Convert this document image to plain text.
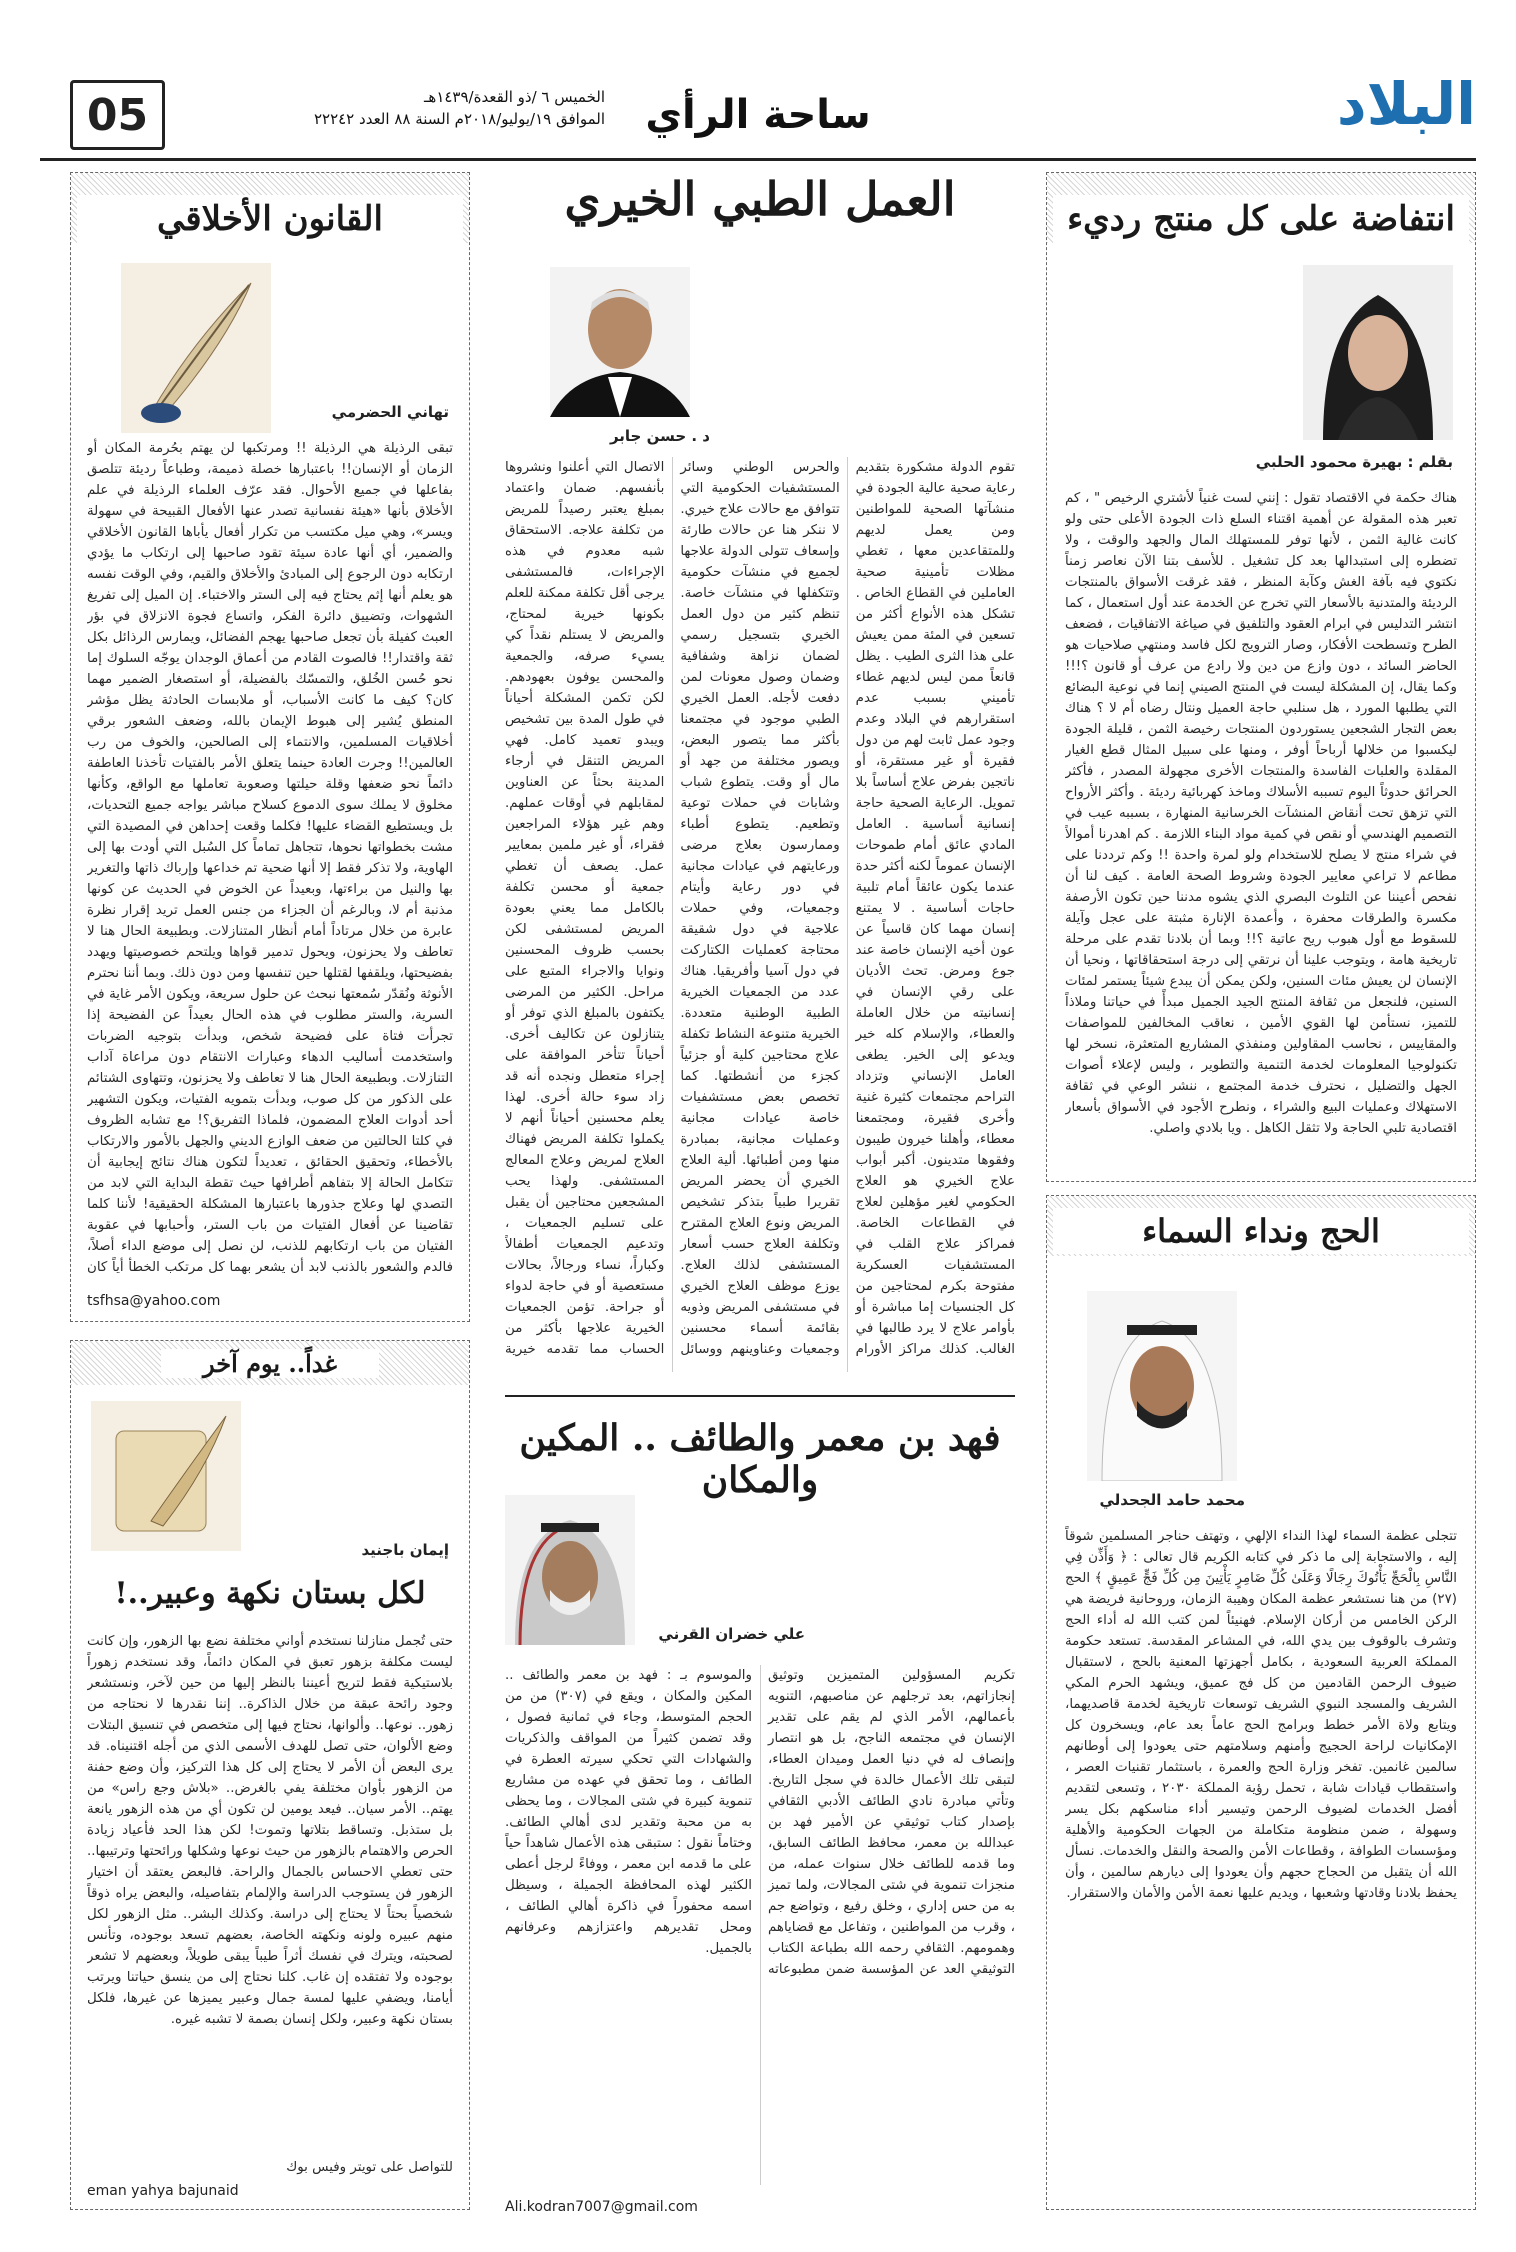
البلاد
ساحة الرأي
05	الخميس ٦ /ذو القعدة/١٤٣٩هـ
الموافق ١٩/يوليو/٢٠١٨م السنة ٨٨ العدد ٢٢٢٤٢
انتفاضة على كل منتج رديء
بقلم : بهيرة محمود الحلبي
هناك حكمة في الاقتصاد تقول : إنني لست غنياً لأشتري الرخيص " ، كم تعبر هذه المقولة عن أهمية اقتناء السلع ذات الجودة الأعلى حتى ولو كانت غالية الثمن ، لأنها توفر للمستهلك المال والجهد والوقت ، ولا تضطره إلى استبدالها بعد كل تشغيل . للأسف بتنا الآن نعاصر زمناً نكتوي فيه بآفة الغش وكآبة المنظر ، فقد غرقت الأسواق بالمنتجات الرديئة والمتدنية بالأسعار التي تخرج عن الخدمة عند أول استعمال ، كما انتشر التدليس في ابرام العقود والتلفيق في صياغة الاتفاقيات ، فضعف الطرح وتسطحت الأفكار، وصار الترويج لكل فاسد ومنتهي صلاحيات هو الحاضر السائد ، دون وازع من دين ولا رادع من عرف أو قانون ؟!!! وكما يقال، إن المشكلة ليست في المنتج الصيني إنما في نوعية البضائع التي يطلبها المورد ، هل سنلبي حاجة العميل ونتال رضاه أم لا ؟ هناك بعض التجار الشجعين يستوردون المنتجات رخيصة الثمن ، قليلة الجودة ليكسبوا من خلالها أرباحاً أوفر ، ومنها على سبيل المثال قطع الغيار المقلدة والعلبات الفاسدة والمنتجات الأخرى مجهولة المصدر ، فأكثر الحرائق حدوثاً اليوم تسببه الأسلاك وماخذ كهربائية رديئة . وأكثر الأرواح التي تزهق تحت أنقاض المنشآت الخرسانية المنهارة ، بسببه عيب في التصميم الهندسي أو نقص في كمية مواد البناء اللازمة . كم اهدرنا أموالاً في شراء منتج لا يصلح للاستخدام ولو لمرة واحدة !! وكم ترددنا على مطاعم لا تراعي معايير الجودة وشروط الصحة العامة . كيف لنا أن نفحص أعيننا عن التلوث البصري الذي يشوه مدننا حين تكون الأرصفة مكسرة والطرقات محفرة ، وأعمدة الإنارة مثبتة على عجل وآيلة للسقوط مع أول هبوب ريح عاتية ؟!! وبما أن بلادنا تقدم على مرحلة تاريخية هامة ، ويتوجب علينا أن نرتقي إلى درجة استحقاقاتها ، ونحيا أن الإنسان لن يعيش مئات السنين، ولكن يمكن أن يبدع شيئاً يستمر لمئات السنين، فلنجعل من ثقافة المنتج الجيد الجميل مبدأً في حياتنا وملاذاً للتميز، نستأمن لها القوي الأمين ، نعاقب المخالفين للمواصفات والمقاييس ، نحاسب المقاولين ومنفذي المشاريع المتعثرة، نسخر لها تكنولوجيا المعلومات لخدمة التنمية والتطوير ، وليس لإعلاء أصوات الجهل والتضليل ، نحترف خدمة المجتمع ، ننشر الوعي في ثقافة الاستهلاك وعمليات البيع والشراء ، ونطرح الأجود في الأسواق بأسعار اقتصادية تلبي الحاجة ولا تثقل الكاهل . ويا بلادي واصلي.
الحج ونداء السماء
محمد حامد الجحدلي
تتجلى عظمة السماء لهذا النداء الإلهي ، وتهتف حناجر المسلمين شوقاً إليه ، والاستجابة إلى ما ذكر في كتابه الكريم قال تعالى : ﴿ وَأَذِّن فِي النَّاسِ بِالْحَجِّ يَأْتُوكَ رِجَالًا وَعَلَىٰ كُلِّ ضَامِرٍ يَأْتِينَ مِن كُلِّ فَجٍّ عَمِيقٍ ﴾ الحج (٢٧) من هنا نستشعر عظمة المكان وهيبة الزمان، وروحانية فريضة هي الركن الخامس من أركان الإسلام. فهنيئاً لمن كتب الله له أداء الحج وتشرف بالوقوف بين يدي الله، في المشاعر المقدسة. تستعد حكومة المملكة العربية السعودية ، بكامل أجهزتها المعنية بالحج ، لاستقبال ضيوف الرحمن القادمين من كل فج عميق، ويشهد الحرم المكي الشريف والمسجد النبوي الشريف توسعات تاريخية لخدمة قاصديهما، ويتابع ولاة الأمر خطط وبرامج الحج عاماً بعد عام، ويسخرون كل الإمكانيات لراحة الحجيج وأمنهم وسلامتهم حتى يعودوا إلى أوطانهم سالمين غانمين. تفخر وزارة الحج والعمرة ، باستثمار تقنيات العصر ، واستقطاب قيادات شابة ، تحمل رؤية المملكة ٢٠٣٠ ، وتسعى لتقديم أفضل الخدمات لضيوف الرحمن وتيسير أداء مناسكهم بكل يسر وسهولة ، ضمن منظومة متكاملة من الجهات الحكومية والأهلية ومؤسسات الطوافة ، وقطاعات الأمن والصحة والنقل والخدمات. نسأل الله أن يتقبل من الحجاج حجهم وأن يعودوا إلى ديارهم سالمين ، وأن يحفظ بلادنا وقادتها وشعبها ، ويديم عليها نعمة الأمن والأمان والاستقرار.
العمل الطبي الخيري
د . حسن جابر
تقوم الدولة مشكورة بتقديم رعاية صحية عالية الجودة في منشآتها الصحية للمواطنين ومن يعمل لديهم وللمتقاعدين معها ، تغطي مظلات تأمينية صحية العاملين في القطاع الخاص . تشكل هذه الأنواع أكثر من تسعين في المئة ممن يعيش على هذا الثرى الطيب . يظل قانعاً ممن ليس لديهم غطاء تأميني بسبب عدم استقرارهم في البلاد وعدم وجود عمل ثابت لهم من دول فقيرة أو غير مستقرة، أو ناتجين بفرض علاج أساساً بلا تمويل. الرعاية الصحية حاجة إنسانية أساسية . العامل المادي عائق أمام طموحات الإنسان عموماً لكنه أكثر حدة عندما يكون عائقاً أمام تلبية حاجات أساسية . لا يمتنع إنسان مهما كان قاسياً عن عون أخيه الإنسان خاصة عند جوع ومرض. تحث الأديان على رقي الإنسان في إنسانيته من خلال العاملة والعطاء، والإسلام كله خير ويدعو إلى الخير. يطغى العامل الإنساني وتزداد التراحم مجتمعات كثيرة غنية وأخرى فقيرة، ومجتمعنا معطاء، وأهلنا خيرون طيبون وفقوها متدينون. أكبر أبواب علاج الخيري هو العلاج الحكومي لغير مؤهلين لعلاج في القطاعات الخاصة. فمراكز علاج القلب في المستشفيات العسكرية مفتوحة بكرم لمحتاجين من كل الجنسيات إما مباشرة أو بأوامر علاج لا يرد طالبها في الغالب. كذلك مراكز الأورام والحرس الوطني وسائر المستشفيات الحكومية التي تتوافق مع حالات علاج خيري. لا ننكر هنا عن حالات طارئة وإسعاف تتولى الدولة علاجها لجميع في منشآت حكومية وتتكفلها في منشآت خاصة. تنظم كثير من دول العمل الخيري بتسجيل رسمي لضمان نزاهة وشفافية وضمان وصول معونات لمن دفعت لأجله. العمل الخيري الطبي موجود في مجتمعنا بأكثر مما يتصور البعض، ويصور مختلفة من جهد أو مال أو وقت. يتطوع شباب وشابات في حملات توعية وتطعيم. يتطوع أطباء وممارسون بعلاج مرضى ورعايتهم في عيادات مجانية في دور رعاية وأيتام وجمعيات، وفي حملات علاجية في دول شقيقة محتاجة كعمليات الكتاركت في دول آسيا وأفريقيا. هناك عدد من الجمعيات الخيرية الطبية الوطنية متعددة. الخيرية متنوعة النشاط تكفلة علاج محتاجين كلية أو جزئياً كجزء من أنشطتها. كما تخصص بعض مستشفيات خاصة عيادات مجانية وعمليات مجانية، بمبادرة منها ومن أطبائها. ألية العلاج الخيري أن يحضر المريض تقريرا طبياً بتذكر تشخيص المريض ونوع العلاج المقترح وتكلفة العلاج حسب أسعار المستشفى لذلك العلاج. يوزع موظف العلاج الخيري في مستشفى المريض وذويه بقائمة أسماء محسنين وجمعيات وعناوينهم ووسائل الاتصال التي أعلنوا ونشروها بأنفسهم. ضمان واعتماد بمبلغ يعتبر رصيداً للمريض من تكلفة علاجه. الاستحقاق شبه معدوم في هذه الإجراءات، فالمستشفى يرجى أقل تكلفة ممكنة للعلم بكونها خيرية لمحتاج، والمريض لا يستلم نقداً كي يسيء صرفه، والجمعية والمحسن يوفون بعهودهم. لكن تكمن المشكلة أحياناً في طول المدة بين تشخيص ويبدو تعميد كامل. فهي المريض التنقل في أرجاء المدينة بحثاً عن العناوين لمقابلهم في أوقات عملهم. وهم غير هؤلاء المراجعين فقراء، أو غير ملمين بمعايير عمل. يصعف أن تغطي جمعية أو محسن تكلفة بالكامل مما يعني بعودة المريض لمستشفى لكن بحسب ظروف المحسنين ونوايا والاجراء المتبع على مراحل. الكثير من المرضى يكتفون بالمبلغ الذي توفر أو يتنازلون عن تكاليف أخرى. أحياناً تتأخر الموافقة على إجراء متعطل ونجده أنه قد زاد سوء حالة أخرى. لهذا يعلم محسنين أحياناً أنهم لا يكملوا تكلفة المريض فهناك العلاج لمريض وعلاج المعالج المستشفى. ولهذا يحب المشجعين محتاجين أن يقبل على تسليم الجمعيات ، وتدعيم الجمعيات أطفالاً وكباراً، نساء ورجالاً، بحالات مستعصية أو في حاجة لدواء أو جراحة. تؤمن الجمعيات الخيرية علاجها بأكثر من الحساب مما تقدمه خيرية
فهد بن معمر والطائف .. المكين والمكان
علي خضران القرني
تكريم المسؤولين المتميزين وتوثيق إنجازاتهم، بعد ترجلهم عن مناصبهم، التنويه بأعمالهم، الأمر الذي لم يقم على تقدير الإنسان في مجتمعه الناجح، بل هو انتصار وإنصاف له في دنيا العمل وميدان العطاء، لتبقى تلك الأعمال خالدة في سجل التاريخ. وتأتي مبادرة نادي الطائف الأدبي الثقافي بإصدار كتاب توثيقي عن الأمير فهد بن عبدالله بن معمر، محافظ الطائف السابق، وما قدمه للطائف خلال سنوات عمله، من منجزات تنموية في شتى المجالات، ولما تميز به من حس إداري ، وخلق رفيع ، وتواضع جم ، وقرب من المواطنين ، وتفاعل مع قضاياهم وهمومهم. الثقافي رحمه الله بطباعة الكتاب التوثيقي العد عن المؤسسة ضمن مطبوعاته والموسوم بـ : فهد بن معمر والطائف .. المكين والمكان ، ويقع في (٣٠٧) من من الحجم المتوسط، وجاء في ثمانية فصول ، وقد تضمن كثيراً من المواقف والذكريات والشهادات التي تحكي سيرته العطرة في الطائف ، وما تحقق في عهده من مشاريع تنموية كبيرة في شتى المجالات ، وما يحظى به من محبة وتقدير لدى أهالي الطائف. وختاماً نقول : ستبقى هذه الأعمال شاهداً حياً على ما قدمه ابن معمر ، ووفاءً لرجل أعطى الكثير لهذه المحافظة الجميلة ، وسيظل اسمه محفوراً في ذاكرة أهالي الطائف ، ومحل تقديرهم واعتزازهم وعرفانهم بالجميل.
Ali.kodran7007@gmail.com
القانون الأخلاقي
تهاني الحضرمي
تبقى الرذيلة هي الرذيلة !! ومرتكبها لن يهتم بحُرمة المكان أو الزمان أو الإنسان!! باعتبارها خصلة ذميمة، وطباعاً رديئة تتلصق بفاعلها في جميع الأحوال. فقد عرّف العلماء الرذيلة في علم الأخلاق بأنها «هيئة نفسانية تصدر عنها الأفعال القبيحة في سهولة ويسر»، وهي ميل مكتسب من تكرار أفعال يأباها القانون الأخلاقي والضمير، أي أنها عادة سيئة تقود صاحبها إلى ارتكاب ما يؤدي ارتكابه دون الرجوع إلى المبادئ والأخلاق والقيم، وفي الوقت نفسه هو يعلم أنها إثم يحتاج فيه إلى الستر والاختباء. إن الميل إلى تفريغ الشهوات، وتضييق دائرة الفكر، واتساع فجوة الانزلاق في بؤر العبث كفيلة بأن تجعل صاحبها يهجم الفضائل، ويمارس الرذائل بكل ثقة واقتدار!! فالصوت القادم من أعماق الوجدان يوجّه السلوك إما نحو حُسن الخُلق، والتمسّك بالفضيلة، أو استصغار الضمير مهما كان؟ كيف ما كانت الأسباب، أو ملابسات الحادثة يظل مؤشر المنطق يُشير إلى هبوط الإيمان بالله، وضعف الشعور برقي أخلاقيات المسلمين، والانتماء إلى الصالحين، والخوف من رب العالمين!! وجرت العادة حينما يتعلق الأمر بالفتيات تأخذنا العاطفة دائماً نحو ضعفها وقلة حيلتها وصعوبة تعاملها مع الواقع، وكأنها مخلوق لا يملك سوى الدموع كسلاح مباشر يواجه جميع التحديات، بل ويستطيع القضاء عليها! فكلما وقعت إحداهن في المصيدة التي مشت بخطواتها نحوها، تتجاهل تماماً كل السُبل التي أودت بها إلى الهاوية، ولا تذكر فقط إلا أنها ضحية تم خداعها وإرباك ذاتها والتغرير بها والنيل من براءتها، وبعيداً عن الخوض في الحديث عن كونها مذنبة أم لا، وبالرغم أن الجزاء من جنس العمل تريد إقرار نظرة عابرة من خلال مرتاداً أمام أنظار المتنازلات. وبطبيعة الحال هنا لا تعاطف ولا يحزنون، ويحول تدمير قواها ويلتحم خصوصيتها ويهدد بفضيحتها، ويلقفها لقتلها حين تنفسها ومن دون ذلك. وبما أننا نحترم الأنوثة ونُقدّر سُمعتها نبحث عن حلول سريعة، ويكون الأمر غاية في السرية، والستر مطلوب في هذه الحال بعيداً عن الفضيحة إذا تجرأت فتاة على فضيحة شخص، وبدأت بتوجيه الضربات واستخدمت أساليب الدهاء وعبارات الانتقام دون مراعاة آداب التنازلات. وبطبيعة الحال هنا لا تعاطف ولا يحزنون، وتتهاوى الشتائم على الذكور من كل صوب، وبدأت بتمويه الفتيات، ويكون التشهير أحد أدوات العلاج المضمون، فلماذا التفريق؟! مع تشابه الظروف في كلتا الحالتين من ضعف الوازع الديني والجهل بالأمور والارتكاب بالأخطاء، وتحقيق الحقائق ، تعديداً لتكون هناك نتائج إيجابية أن تتكامل الحالة إلا بتفاهم أطرافها حيث تقطة البداية التي لابد من التصدي لها وعلاج جذورها باعتبارها المشكلة الحقيقية! لأننا كلما تقاضينا عن أفعال الفتيات من باب الستر، وأحبابها في عقوبة الفتيان من باب ارتكابهم للذنب، لن نصل إلى موضع الداء أصلاً، فالدم والشعور بالذنب لابد أن يشعر بهما كل مرتكب الخطأ أياً كان
tsfhsa@yahoo.com
غداً.. يوم آخر
إيمان باجنيد
لكل بستان نكهة وعبير..!
حتى تُجمل منازلنا نستخدم أواني مختلفة نضع بها الزهور، وإن كانت ليست مكلفة بزهور تعبق في المكان دائماً، وقد نستخدم زهوراً بلاستيكية فقط لتريح أعيننا بالنظر إليها من حين لآخر، ونستشعر وجود رائحة عبقة من خلال الذاكرة.. إننا نقدرها لا نحتاجه من زهور.. نوعها.. وألوانها، نحتاج فيها إلى متخصص في تنسيق البتلات وضع الألوان، حتى تصل للهدف الأسمى الذي من أجله اقتنيناه. قد يرى البعض أن الأمر لا يحتاج إلى كل هذا التركيز، وأن وضع حفنة من الزهور بأوان مختلفة يفي بالغرض.. «بلاش وجع راس» من يهتم.. الأمر سيان.. فيعد يومين لن تكون أي من هذه الزهور يانعة بل ستذبل. وتساقط بتلاتها وتموت! لكن هذا الحد فأعياد زيادة الحرص والاهتمام بالزهور من حيث نوعها وشكلها ورائحتها وترتيبها.. حتى تعطي الاحساس بالجمال والراحة. فالبعض يعتقد أن اختيار الزهور فن يستوجب الدراسة والإلمام بتفاصيله، والبعض يراه ذوقاً شخصياً بحتاً لا يحتاج إلى دراسة. وكذلك البشر.. مثل الزهور لكل منهم عبيره ولونه ونكهته الخاصة، بعضهم تسعد بوجوده، وتأنس لصحبته، ويترك في نفسك أثراً طيباً يبقى طويلاً، وبعضهم لا تشعر بوجوده ولا تفتقده إن غاب. كلنا نحتاج إلى من ينسق حياتنا ويرتب أيامنا، ويضفي عليها لمسة جمال وعبير يميزها عن غيرها، فلكل بستان نكهة وعبير، ولكل إنسان بصمة لا تشبه غيره.
للتواصل على تويتر وفيس بوك
eman yahya bajunaid
